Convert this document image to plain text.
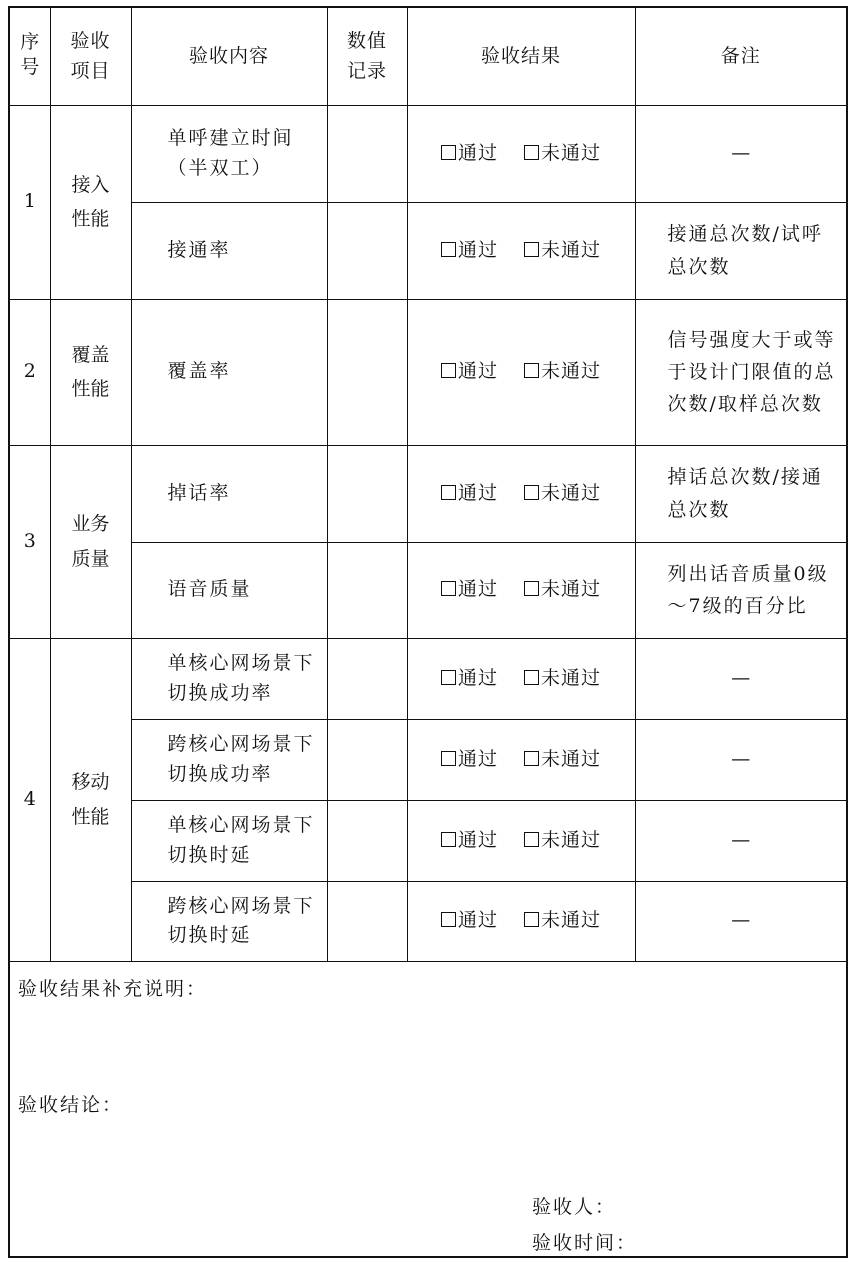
序号	验收项目	验收内容	数值记录	验收结果	备注
1	接入性能	单呼建立时间（半双工）		通过 未通过	—

		接通率		通过 未通过	接通总次数/试呼总次数

2	覆盖性能	覆盖率		通过 未通过	信号强度大于或等于设计门限值的总次数/取样总次数

3	业务质量	掉话率		通过 未通过	掉话总次数/接通总次数

		语音质量		通过 未通过	列出话音质量0级～7级的百分比

4	移动性能	单核心网场景下切换成功率		通过 未通过	—

		跨核心网场景下切换成功率		通过 未通过	—

		单核心网场景下切换时延		通过 未通过	—

		跨核心网场景下切换时延		通过 未通过	—
验收结果补充说明：
验收结论：
验收人：
验收时间：
